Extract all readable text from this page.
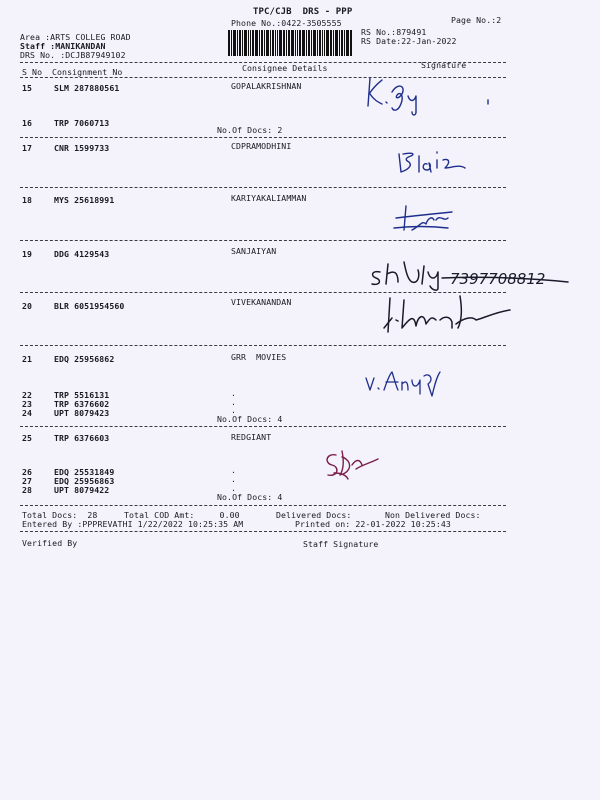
TPC/CJB  DRS - PPP
Phone No.:0422-3505555	Page No.:2
Area :ARTS COLLEG ROAD
Staff :MANIKANDAN
DRS No. :DCJB87949102
RS No.:879491
RS Date:22-Jan-2022
S No Consignment No	Consignee Details	Signature
15	SLM 287880561	GOPALAKRISHNAN
16	TRP 7060713
No.Of Docs: 2
17	CNR 1599733	CDPRAMODHINI
18	MYS 25618991	KARIYAKALIAMMAN
19	DDG 4129543	SANJAIYAN
20	BLR 6051954560	VIVEKANANDAN
21	EDQ 25956862	GRR  MOVIES
22	TRP 5516131	.
23	TRP 6376602	.
24	UPT 8079423	.
No.Of Docs: 4
25	TRP 6376603	REDGIANT
26	EDQ 25531849	.
27	EDQ 25956863	.
28	UPT 8079422	.
No.Of Docs: 4
Total Docs:  28	Total COD Amt:     0.00	Delivered Docs:	Non Delivered Docs:
Entered By :PPPREVATHI 1/22/2022 10:25:35 AM	Printed on: 22-01-2022 10:25:43
Verified By	Staff Signature
7397708812
